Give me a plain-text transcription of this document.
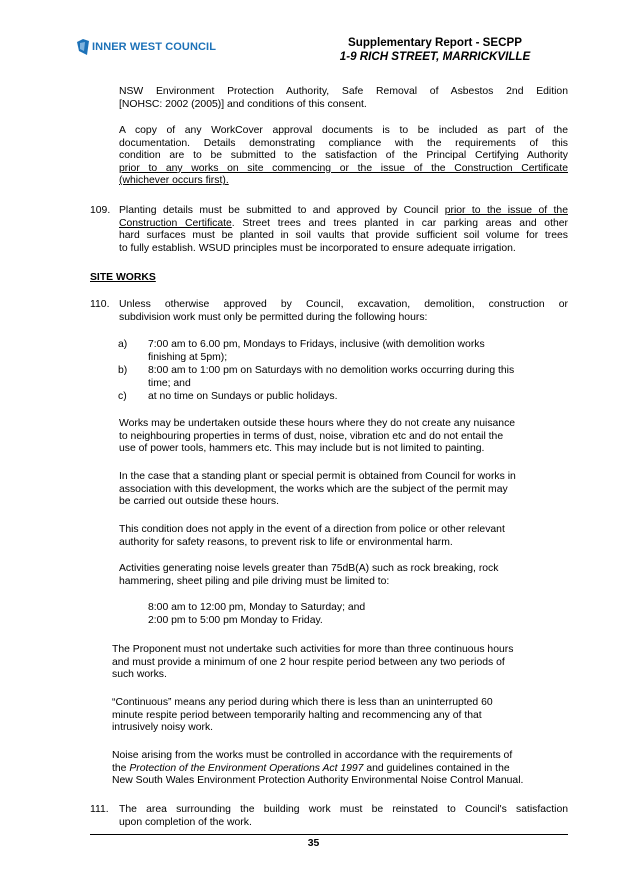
INNER WEST COUNCIL	Supplementary Report - SECPP
1-9 RICH STREET, MARRICKVILLE
NSW Environment Protection Authority, Safe Removal of Asbestos 2nd Edition
[NOHSC: 2002 (2005)] and conditions of this consent.
A copy of any WorkCover approval documents is to be included as part of the
documentation. Details demonstrating compliance with the requirements of this
condition are to be submitted to the satisfaction of the Principal Certifying Authority
prior to any works on site commencing or the issue of the Construction Certificate
(whichever occurs first).
109. Planting details must be submitted to and approved by Council prior to the issue of the
Construction Certificate. Street trees and trees planted in car parking areas and other
hard surfaces must be planted in soil vaults that provide sufficient soil volume for trees
to fully establish. WSUD principles must be incorporated to ensure adequate irrigation.
SITE WORKS
110. Unless otherwise approved by Council, excavation, demolition, construction or
subdivision work must only be permitted during the following hours:
a) 7:00 am to 6.00 pm, Mondays to Fridays, inclusive (with demolition works
finishing at 5pm);
b) 8:00 am to 1:00 pm on Saturdays with no demolition works occurring during this
time; and
c) at no time on Sundays or public holidays.
Works may be undertaken outside these hours where they do not create any nuisance
to neighbouring properties in terms of dust, noise, vibration etc and do not entail the
use of power tools, hammers etc. This may include but is not limited to painting.
In the case that a standing plant or special permit is obtained from Council for works in
association with this development, the works which are the subject of the permit may
be carried out outside these hours.
This condition does not apply in the event of a direction from police or other relevant
authority for safety reasons, to prevent risk to life or environmental harm.
Activities generating noise levels greater than 75dB(A) such as rock breaking, rock
hammering, sheet piling and pile driving must be limited to:
8:00 am to 12:00 pm, Monday to Saturday; and
2:00 pm to 5:00 pm Monday to Friday.
The Proponent must not undertake such activities for more than three continuous hours
and must provide a minimum of one 2 hour respite period between any two periods of
such works.
“Continuous” means any period during which there is less than an uninterrupted 60
minute respite period between temporarily halting and recommencing any of that
intrusively noisy work.
Noise arising from the works must be controlled in accordance with the requirements of
the Protection of the Environment Operations Act 1997 and guidelines contained in the
New South Wales Environment Protection Authority Environmental Noise Control Manual.
111. The area surrounding the building work must be reinstated to Council's satisfaction
upon completion of the work.
35
